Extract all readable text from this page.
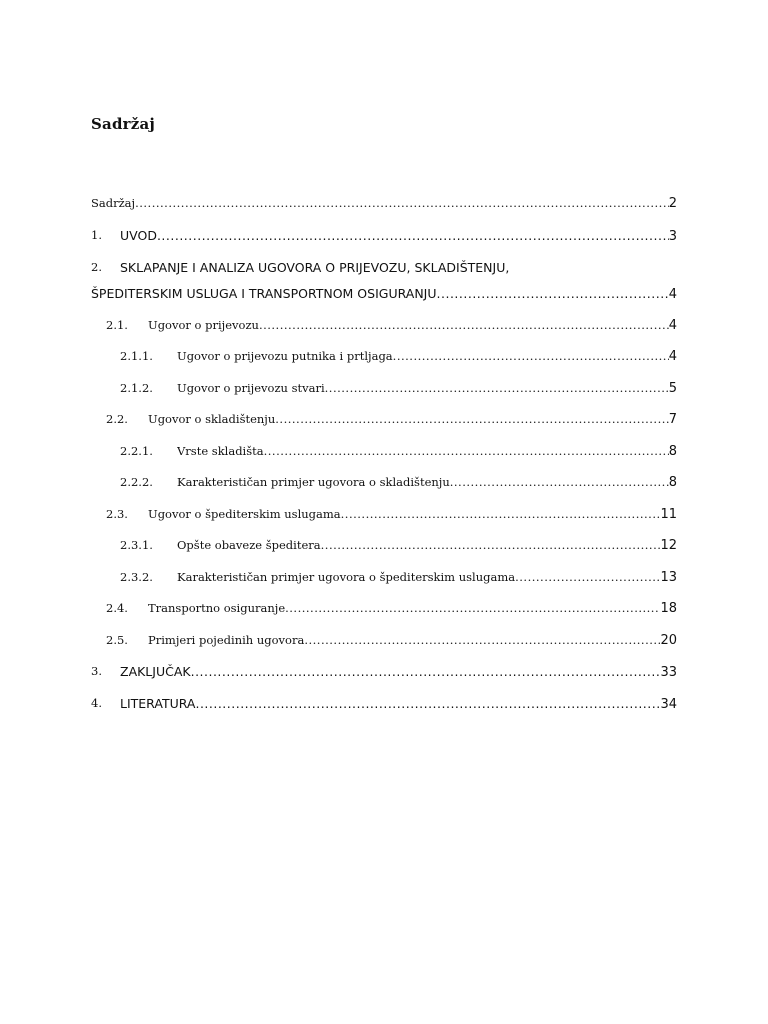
Sadržaj
Sadržaj .....	2
1. UVOD .....	3
2. SKLAPANJE I ANALIZA UGOVORA O PRIJEVOZU, SKLADIŠTENJU,
ŠPEDITERSKIM USLUGA I TRANSPORTNOM OSIGURANJU .....	4
2.1. Ugovor o prijevozu .....	4
2.1.1. Ugovor o prijevozu putnika i prtljaga .....	4
2.1.2. Ugovor o prijevozu stvari .....	5
2.2. Ugovor o skladištenju .....	7
2.2.1. Vrste skladišta .....	8
2.2.2. Karakterističan primjer ugovora o skladištenju .....	8
2.3. Ugovor o špediterskim uslugama .....	11
2.3.1. Opšte obaveze špeditera .....	12
2.3.2. Karakterističan primjer ugovora o špediterskim uslugama .....	13
2.4. Transportno osiguranje .....	18
2.5. Primjeri pojedinih ugovora .....	20
3. ZAKLJUČAK .....	33
4. LITERATURA .....	34
